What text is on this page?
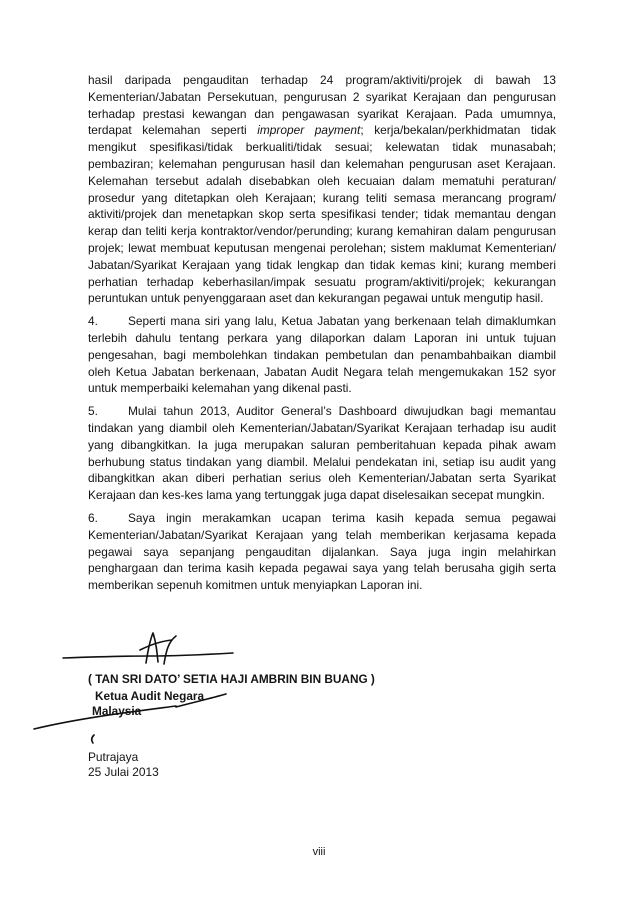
hasil daripada pengauditan terhadap 24 program/aktiviti/projek di bawah 13
Kementerian/Jabatan Persekutuan, pengurusan 2 syarikat Kerajaan dan pengurusan
terhadap prestasi kewangan dan pengawasan syarikat Kerajaan. Pada umumnya,
terdapat kelemahan seperti improper payment; kerja/bekalan/perkhidmatan tidak
mengikut spesifikasi/tidak berkualiti/tidak sesuai; kelewatan tidak munasabah;
pembaziran; kelemahan pengurusan hasil dan kelemahan pengurusan aset Kerajaan.
Kelemahan tersebut adalah disebabkan oleh kecuaian dalam mematuhi peraturan/
prosedur yang ditetapkan oleh Kerajaan; kurang teliti semasa merancang program/
aktiviti/projek dan menetapkan skop serta spesifikasi tender; tidak memantau dengan
kerap dan teliti kerja kontraktor/vendor/perunding; kurang kemahiran dalam pengurusan
projek; lewat membuat keputusan mengenai perolehan; sistem maklumat Kementerian/
Jabatan/Syarikat Kerajaan yang tidak lengkap dan tidak kemas kini; kurang memberi
perhatian terhadap keberhasilan/impak sesuatu program/aktiviti/projek; kekurangan
peruntukan untuk penyenggaraan aset dan kekurangan pegawai untuk mengutip hasil.
4.	Seperti mana siri yang lalu, Ketua Jabatan yang berkenaan telah dimaklumkan
terlebih dahulu tentang perkara yang dilaporkan dalam Laporan ini untuk tujuan
pengesahan, bagi membolehkan tindakan pembetulan dan penambahbaikan diambil
oleh Ketua Jabatan berkenaan, Jabatan Audit Negara telah mengemukakan 152 syor
untuk memperbaiki kelemahan yang dikenal pasti.
5.	Mulai tahun 2013, Auditor General’s Dashboard diwujudkan bagi memantau
tindakan yang diambil oleh Kementerian/Jabatan/Syarikat Kerajaan terhadap isu audit
yang dibangkitkan. Ia juga merupakan saluran pemberitahuan kepada pihak awam
berhubung status tindakan yang diambil. Melalui pendekatan ini, setiap isu audit yang
dibangkitkan akan diberi perhatian serius oleh Kementerian/Jabatan serta Syarikat
Kerajaan dan kes-kes lama yang tertunggak juga dapat diselesaikan secepat mungkin.
6.	Saya ingin merakamkan ucapan terima kasih kepada semua pegawai
Kementerian/Jabatan/Syarikat Kerajaan yang telah memberikan kerjasama kepada
pegawai saya sepanjang pengauditan dijalankan. Saya juga ingin melahirkan
penghargaan dan terima kasih kepada pegawai saya yang telah berusaha gigih serta
memberikan sepenuh komitmen untuk menyiapkan Laporan ini.
( TAN SRI DATO’ SETIA HAJI AMBRIN BIN BUANG )
Ketua Audit Negara
Malaysia
Putrajaya
25 Julai 2013
viii
